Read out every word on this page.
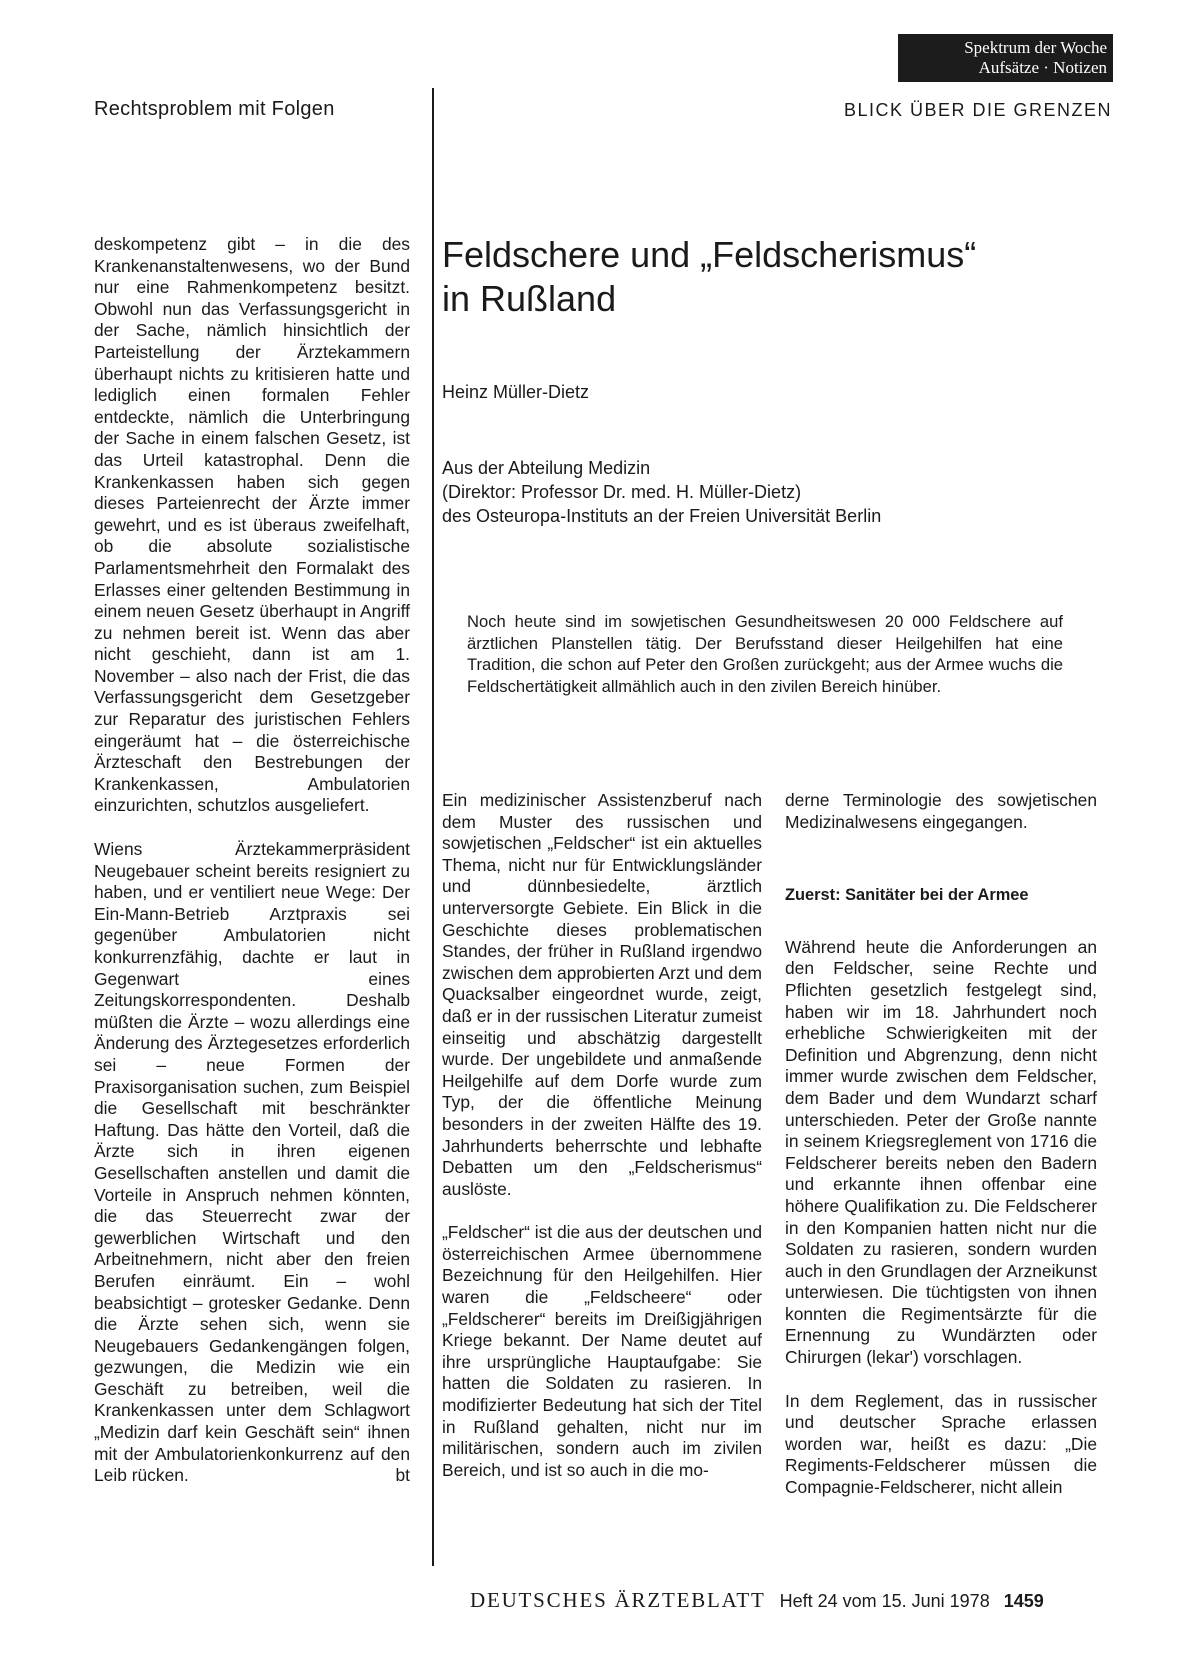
Spektrum der Woche
Aufsätze · Notizen
Rechtsproblem mit Folgen	BLICK ÜBER DIE GRENZEN

deskompetenz gibt – in die des Krankenanstaltenwesens, wo der Bund nur eine Rahmenkompetenz besitzt. Obwohl nun das Verfassungsgericht in der Sache, nämlich hinsichtlich der Parteistellung der Ärztekammern überhaupt nichts zu kritisieren hatte und lediglich einen formalen Fehler entdeckte, nämlich die Unterbringung der Sache in einem falschen Gesetz, ist das Urteil katastrophal. Denn die Krankenkassen haben sich gegen dieses Parteienrecht der Ärzte immer gewehrt, und es ist überaus zweifelhaft, ob die absolute sozialistische Parlamentsmehrheit den Formalakt des Erlasses einer geltenden Bestimmung in einem neuen Gesetz überhaupt in Angriff zu nehmen bereit ist. Wenn das aber nicht geschieht, dann ist am 1. November – also nach der Frist, die das Verfassungsgericht dem Gesetzgeber zur Reparatur des juristischen Fehlers eingeräumt hat – die österreichische Ärzteschaft den Bestrebungen der Krankenkassen, Ambulatorien einzurichten, schutzlos ausgeliefert.

Wiens Ärztekammerpräsident Neugebauer scheint bereits resigniert zu haben, und er ventiliert neue Wege: Der Ein-Mann-Betrieb Arztpraxis sei gegenüber Ambulatorien nicht konkurrenzfähig, dachte er laut in Gegenwart eines Zeitungskorrespondenten. Deshalb müßten die Ärzte – wozu allerdings eine Änderung des Ärztegesetzes erforderlich sei – neue Formen der Praxisorganisation suchen, zum Beispiel die Gesellschaft mit beschränkter Haftung. Das hätte den Vorteil, daß die Ärzte sich in ihren eigenen Gesellschaften anstellen und damit die Vorteile in Anspruch nehmen könnten, die das Steuerrecht zwar der gewerblichen Wirtschaft und den Arbeitnehmern, nicht aber den freien Berufen einräumt. Ein – wohl beabsichtigt – grotesker Gedanke. Denn die Ärzte sehen sich, wenn sie Neugebauers Gedankengängen folgen, gezwungen, die Medizin wie ein Geschäft zu betreiben, weil die Krankenkassen unter dem Schlagwort „Medizin darf kein Geschäft sein“ ihnen mit der Ambulatorienkonkurrenz auf den Leib rücken.	bt

Feldschere und „Feldscherismus“
in Rußland
Heinz Müller-Dietz
Aus der Abteilung Medizin
(Direktor: Professor Dr. med. H. Müller-Dietz)
des Osteuropa-Instituts an der Freien Universität Berlin
Noch heute sind im sowjetischen Gesundheitswesen 20 000 Feldschere auf ärztlichen Planstellen tätig. Der Berufsstand dieser Heilgehilfen hat eine Tradition, die schon auf Peter den Großen zurückgeht; aus der Armee wuchs die Feldschertätigkeit allmählich auch in den zivilen Bereich hinüber.

Ein medizinischer Assistenzberuf nach dem Muster des russischen und sowjetischen „Feldscher“ ist ein aktuelles Thema, nicht nur für Entwicklungsländer und dünnbesiedelte, ärztlich unterversorgte Gebiete. Ein Blick in die Geschichte dieses problematischen Standes, der früher in Rußland irgendwo zwischen dem approbierten Arzt und dem Quacksalber eingeordnet wurde, zeigt, daß er in der russischen Literatur zumeist einseitig und abschätzig dargestellt wurde. Der ungebildete und anmaßende Heilgehilfe auf dem Dorfe wurde zum Typ, der die öffentliche Meinung besonders in der zweiten Hälfte des 19. Jahrhunderts beherrschte und lebhafte Debatten um den „Feldscherismus“ auslöste.

„Feldscher“ ist die aus der deutschen und österreichischen Armee übernommene Bezeichnung für den Heilgehilfen. Hier waren die „Feldscheere“ oder „Feldscherer“ bereits im Dreißigjährigen Kriege bekannt. Der Name deutet auf ihre ursprüngliche Hauptaufgabe: Sie hatten die Soldaten zu rasieren. In modifizierter Bedeutung hat sich der Titel in Rußland gehalten, nicht nur im militärischen, sondern auch im zivilen Bereich, und ist so auch in die mo-

derne Terminologie des sowjetischen Medizinalwesens eingegangen.

Zuerst: Sanitäter bei der Armee

Während heute die Anforderungen an den Feldscher, seine Rechte und Pflichten gesetzlich festgelegt sind, haben wir im 18. Jahrhundert noch erhebliche Schwierigkeiten mit der Definition und Abgrenzung, denn nicht immer wurde zwischen dem Feldscher, dem Bader und dem Wundarzt scharf unterschieden. Peter der Große nannte in seinem Kriegsreglement von 1716 die Feldscherer bereits neben den Badern und erkannte ihnen offenbar eine höhere Qualifikation zu. Die Feldscherer in den Kompanien hatten nicht nur die Soldaten zu rasieren, sondern wurden auch in den Grundlagen der Arzneikunst unterwiesen. Die tüchtigsten von ihnen konnten die Regimentsärzte für die Ernennung zu Wundärzten oder Chirurgen (lekar') vorschlagen.

In dem Reglement, das in russischer und deutscher Sprache erlassen worden war, heißt es dazu: „Die Regiments-Feldscherer müssen die Compagnie-Feldscherer, nicht allein

DEUTSCHES ÄRZTEBLATT Heft 24 vom 15. Juni 1978 1459
